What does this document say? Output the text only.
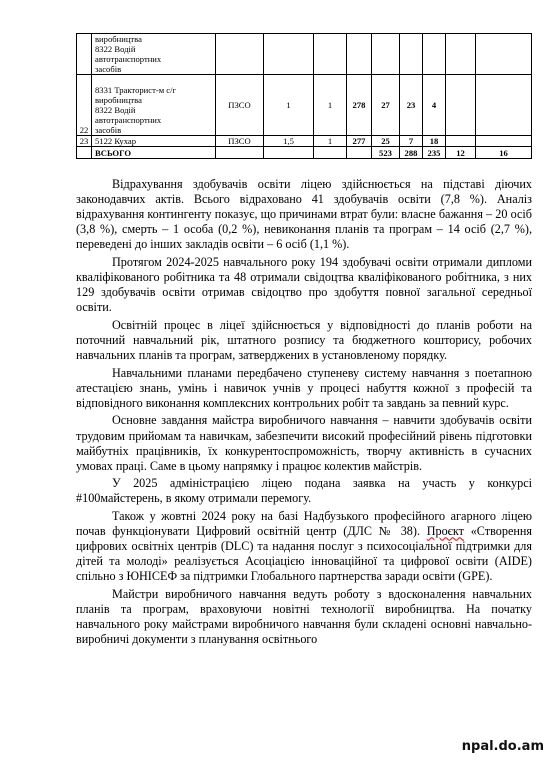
	виробництва
8322 Водій
автотранспортних
засобів									

22	8331 Тракторист-м с/г
виробництва
8322 Водій
автотранспортних
засобів	ПЗСО	1	1	278	27	23	4		
23	5122 Кухар	ПЗСО	1,5	1	277	25	7	18		
	ВСЬОГО					523	288	235	12	16

Відрахування здобувачів освіти ліцею здійснюється на підставі діючих законодавчих актів. Всього відраховано 41 здобувачів освіти (7,8 %). Аналіз відрахування контингенту показує, що причинами втрат були: власне бажання – 20 осіб (3,8 %), смерть – 1 особа (0,2 %), невиконання планів та програм – 14 осіб (2,7 %), переведені до інших закладів освіти – 6 осіб (1,1 %).

Протягом 2024-2025 навчального року 194 здобувачі освіти отримали дипломи кваліфікованого робітника та 48 отримали свідоцтва кваліфікованого робітника, з них 129 здобувачів освіти отримав свідоцтво про здобуття повної загальної середньої освіти.

Освітній процес в ліцеї здійснюється у відповідності до планів роботи на поточний навчальний рік, штатного розпису та бюджетного кошторису, робочих навчальних планів та програм, затверджених в установленому порядку.

Навчальними планами передбачено ступеневу систему навчання з поетапною атестацією знань, умінь і навичок учнів у процесі набуття кожної з професій та відповідного виконання комплексних контрольних робіт та завдань за певний курс.

Основне завдання майстра виробничого навчання – навчити здобувачів освіти трудовим прийомам та навичкам, забезпечити високий професійний рівень підготовки майбутніх працівників, їх конкурентоспроможність, творчу активність в сучасних умовах праці. Саме в цьому напрямку і працює колектив майстрів.

У 2025 адміністрацією ліцею подана заявка на участь у конкурсі #100майстерень, в якому отримали перемогу.

Також у жовтні 2024 року на базі Надбузького професійного агарного ліцею почав функціонувати Цифровий освітній центр (ДЛС № 38). Проєкт «Створення цифрових освітніх центрів (DLC) та надання послуг з психосоціальної підтримки для дітей та молоді» реалізується Асоціацією інноваційної та цифрової освіти (AIDE) спільно з ЮНІСЕФ за підтримки Глобального партнерства заради освіти (GPE).

Майстри виробничого навчання ведуть роботу з вдосконалення навчальних планів та програм, враховуючи новітні технології виробництва. На початку навчального року майстрами виробничого навчання були складені основні навчально-виробничі документи з планування освітнього

npal.do.am
